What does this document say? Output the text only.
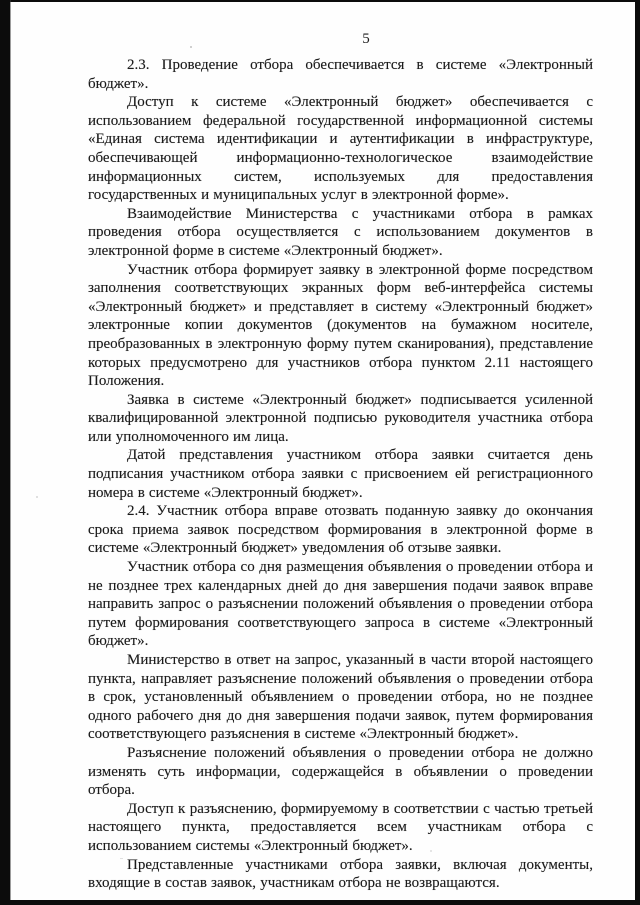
5

2.3. Проведение отбора обеспечивается в системе «Электронный бюджет».

Доступ к системе «Электронный бюджет» обеспечивается с использованием федеральной государственной информационной системы «Единая система идентификации и аутентификации в инфраструктуре, обеспечивающей информационно-технологическое взаимодействие информационных систем, используемых для предоставления государственных и муниципальных услуг в электронной форме».

Взаимодействие Министерства с участниками отбора в рамках проведения отбора осуществляется с использованием документов в электронной форме в системе «Электронный бюджет».

Участник отбора формирует заявку в электронной форме посредством заполнения соответствующих экранных форм веб-интерфейса системы «Электронный бюджет» и представляет в систему «Электронный бюджет» электронные копии документов (документов на бумажном носителе, преобразованных в электронную форму путем сканирования), представление которых предусмотрено для участников отбора пунктом 2.11 настоящего Положения.

Заявка в системе «Электронный бюджет» подписывается усиленной квалифицированной электронной подписью руководителя участника отбора или уполномоченного им лица.

Датой представления участником отбора заявки считается день подписания участником отбора заявки с присвоением ей регистрационного номера в системе «Электронный бюджет».

2.4. Участник отбора вправе отозвать поданную заявку до окончания срока приема заявок посредством формирования в электронной форме в системе «Электронный бюджет» уведомления об отзыве заявки.

Участник отбора со дня размещения объявления о проведении отбора и не позднее трех календарных дней до дня завершения подачи заявок вправе направить запрос о разъяснении положений объявления о проведении отбора путем формирования соответствующего запроса в системе «Электронный бюджет».

Министерство в ответ на запрос, указанный в части второй настоящего пункта, направляет разъяснение положений объявления о проведении отбора в срок, установленный объявлением о проведении отбора, но не позднее одного рабочего дня до дня завершения подачи заявок, путем формирования соответствующего разъяснения в системе «Электронный бюджет».

Разъяснение положений объявления о проведении отбора не должно изменять суть информации, содержащейся в объявлении о проведении отбора.

Доступ к разъяснению, формируемому в соответствии с частью третьей настоящего пункта, предоставляется всем участникам отбора с использованием системы «Электронный бюджет».

Представленные участниками отбора заявки, включая документы, входящие в состав заявок, участникам отбора не возвращаются.
